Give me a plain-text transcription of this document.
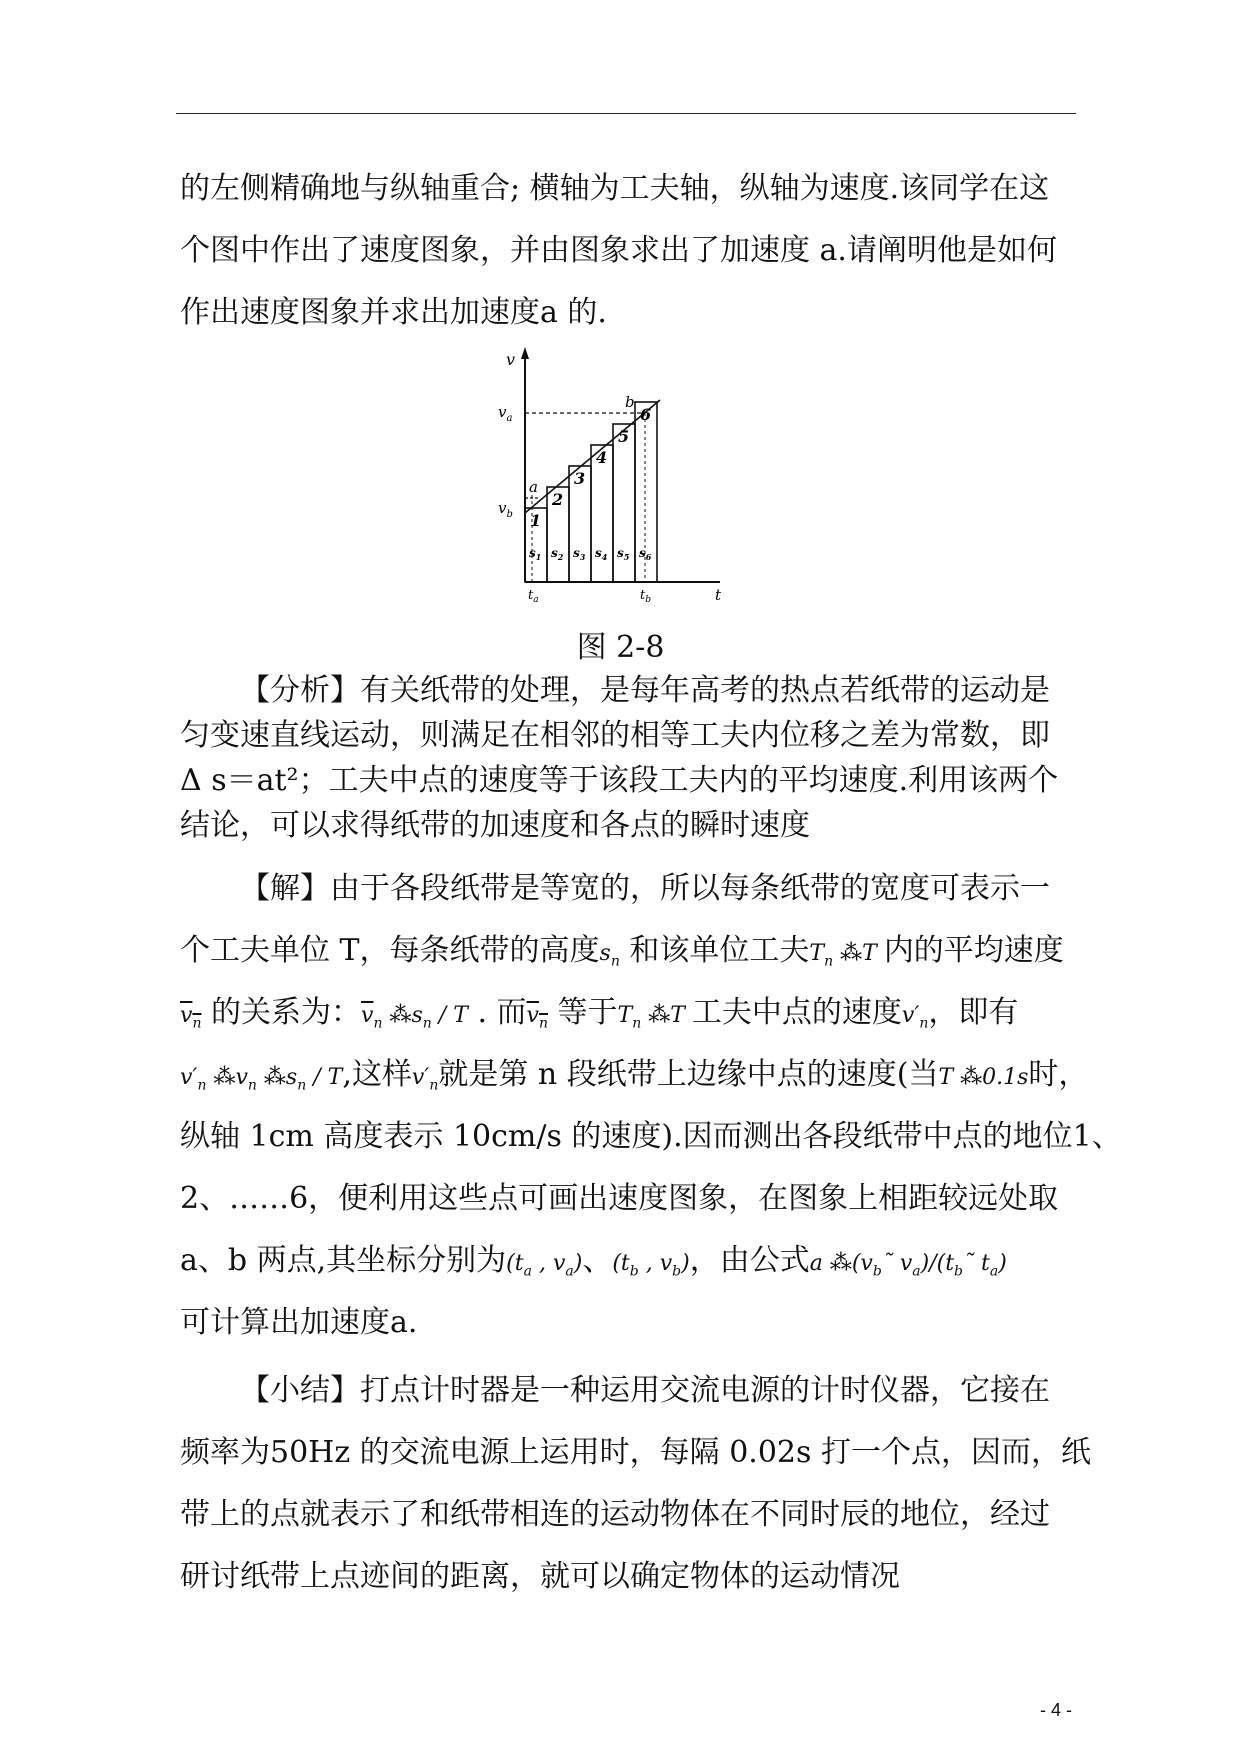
的左侧精确地与纵轴重合; 横轴为工夫轴，纵轴为速度.该同学在这
个图中作出了速度图象，并由图象求出了加速度 a.请阐明他是如何
作出速度图象并求出加速度a 的.
v
$v_a$
$v_b$
a
b
t
$t_a$	$t_b$
1
2
3
4
5
6
$s_1$ $s_2$ $s_3$ $s_4$ $s_5$ $s_6$
图 2-8
【分析】有关纸带的处理，是每年高考的热点若纸带的运动是
匀变速直线运动，则满足在相邻的相等工夫内位移之差为常数，即
Δ s＝at²；工夫中点的速度等于该段工夫内的平均速度.利用该两个
结论，可以求得纸带的加速度和各点的瞬时速度
【解】由于各段纸带是等宽的，所以每条纸带的宽度可表示一
个工夫单位 T，每条纸带的高度$s_n$ 和该单位工夫$T_n$ ⁂T 内的平均速度
$v_n$ 的关系为：$\overline{v}_n$ $⁂s_n$ / T . 而$v_n$ 等于$T_n$ ⁂T 工夫中点的速度$v'_n$，即有
$v'_n$ $⁂v_n$ $⁂s_n$ / T,这样$v'_n$就是第 n 段纸带上边缘中点的速度(当T ⁂0.1s时，
纵轴 1cm 高度表示 10cm/s 的速度).因而测出各段纸带中点的地位1、
2、……6，便利用这些点可画出速度图象，在图象上相距较远处取
a、b 两点,其坐标分别为($t_a$ , $v_a$)、($t_b$ , $v_b$)，由公式a $⁂(v_b˜$ $v_a)/(t_b˜$ $t_a$)
可计算出加速度a.
【小结】打点计时器是一种运用交流电源的计时仪器，它接在
频率为50Hz 的交流电源上运用时，每隔 0.02s 打一个点，因而，纸
带上的点就表示了和纸带相连的运动物体在不同时辰的地位，经过
研讨纸带上点迹间的距离，就可以确定物体的运动情况
- 4 -
